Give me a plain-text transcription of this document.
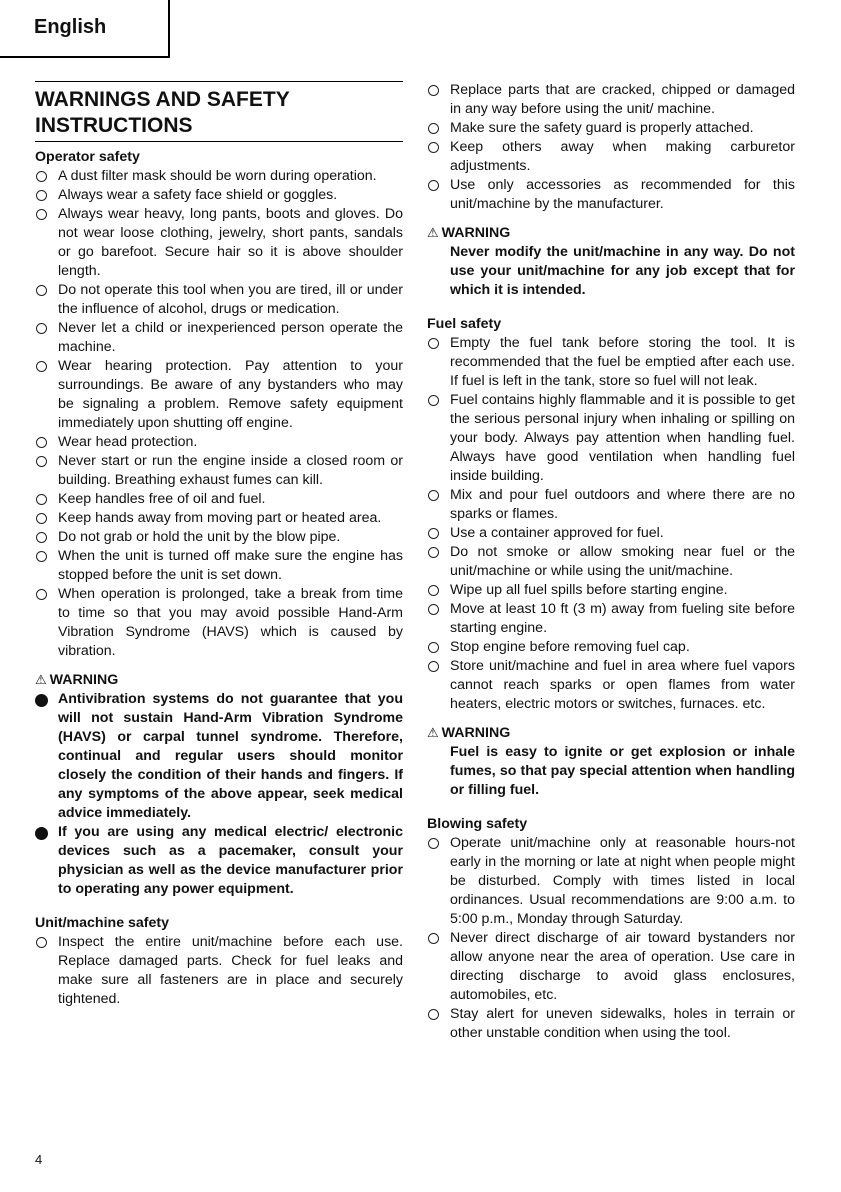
English
WARNINGS AND SAFETY INSTRUCTIONS
Operator safety
A dust filter mask should be worn during operation.
Always wear a safety face shield or goggles.
Always wear heavy, long pants, boots and gloves. Do not wear loose clothing, jewelry, short pants, sandals or go barefoot. Secure hair so it is above shoulder length.
Do not operate this tool when you are tired, ill or under the influence of alcohol, drugs or medication.
Never let a child or inexperienced person operate the machine.
Wear hearing protection. Pay attention to your surroundings. Be aware of any bystanders who may be signaling a problem. Remove safety equipment immediately upon shutting off engine.
Wear head protection.
Never start or run the engine inside a closed room or building. Breathing exhaust fumes can kill.
Keep handles free of oil and fuel.
Keep hands away from moving part or heated area.
Do not grab or hold the unit by the blow pipe.
When the unit is turned off make sure the engine has stopped before the unit is set down.
When operation is prolonged, take a break from time to time so that you may avoid possible Hand-Arm Vibration Syndrome (HAVS) which is caused by vibration.
⚠ WARNING
Antivibration systems do not guarantee that you will not sustain Hand-Arm Vibration Syndrome (HAVS) or carpal tunnel syndrome. Therefore, continual and regular users should monitor closely the condition of their hands and fingers. If any symptoms of the above appear, seek medical advice immediately.
If you are using any medical electric/ electronic devices such as a pacemaker, consult your physician as well as the device manufacturer prior to operating any power equipment.
Unit/machine safety
Inspect the entire unit/machine before each use. Replace damaged parts. Check for fuel leaks and make sure all fasteners are in place and securely tightened.
Replace parts that are cracked, chipped or damaged in any way before using the unit/ machine.
Make sure the safety guard is properly attached.
Keep others away when making carburetor adjustments.
Use only accessories as recommended for this unit/machine by the manufacturer.
⚠ WARNING
Never modify the unit/machine in any way. Do not use your unit/machine for any job except that for which it is intended.
Fuel safety
Empty the fuel tank before storing the tool. It is recommended that the fuel be emptied after each use. If fuel is left in the tank, store so fuel will not leak.
Fuel contains highly flammable and it is possible to get the serious personal injury when inhaling or spilling on your body. Always pay attention when handling fuel. Always have good ventilation when handling fuel inside building.
Mix and pour fuel outdoors and where there are no sparks or flames.
Use a container approved for fuel.
Do not smoke or allow smoking near fuel or the unit/machine or while using the unit/machine.
Wipe up all fuel spills before starting engine.
Move at least 10 ft (3 m) away from fueling site before starting engine.
Stop engine before removing fuel cap.
Store unit/machine and fuel in area where fuel vapors cannot reach sparks or open flames from water heaters, electric motors or switches, furnaces. etc.
⚠ WARNING
Fuel is easy to ignite or get explosion or inhale fumes, so that pay special attention when handling or filling fuel.
Blowing safety
Operate unit/machine only at reasonable hours-not early in the morning or late at night when people might be disturbed. Comply with times listed in local ordinances. Usual recommendations are 9:00 a.m. to 5:00 p.m., Monday through Saturday.
Never direct discharge of air toward bystanders nor allow anyone near the area of operation. Use care in directing discharge to avoid glass enclosures, automobiles, etc.
Stay alert for uneven sidewalks, holes in terrain or other unstable condition when using the tool.
4
